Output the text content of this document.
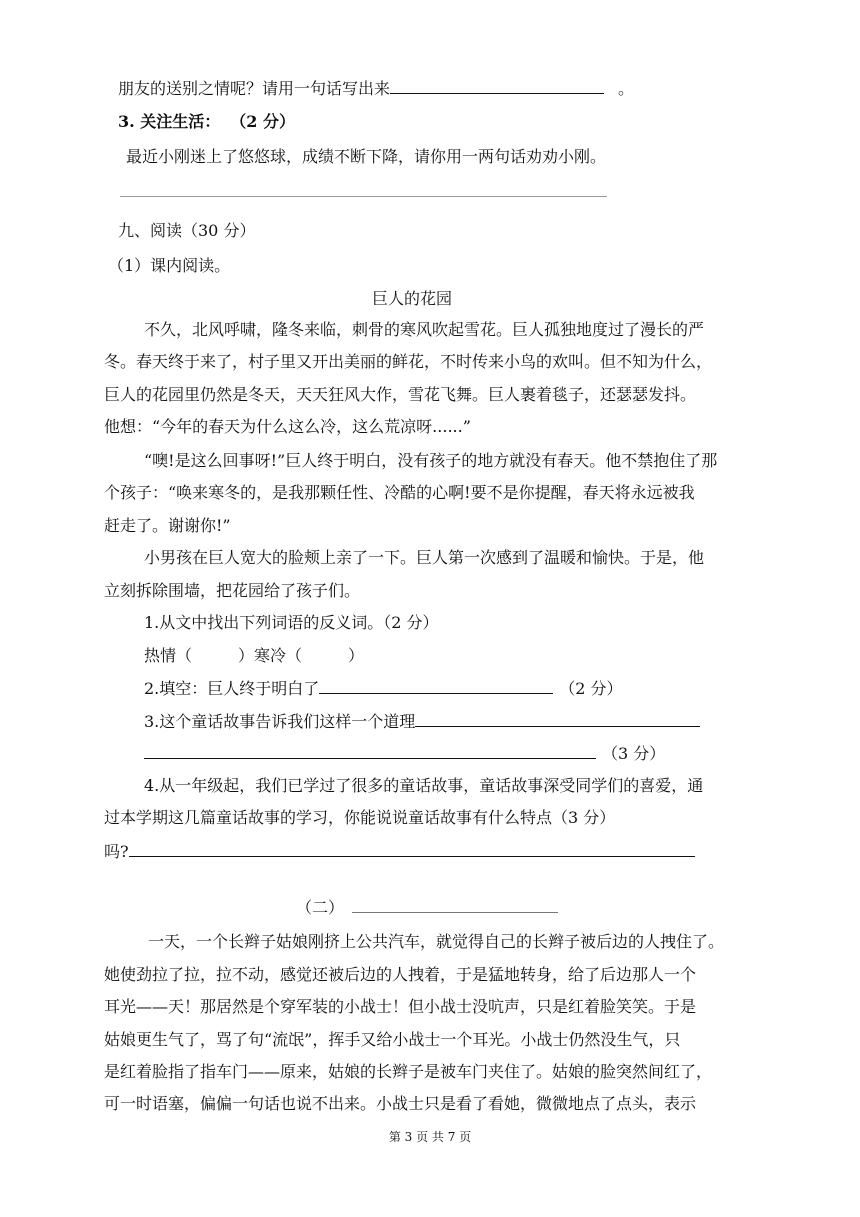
朋友的送别之情呢？请用一句话写出来	。
3. 关注生活： （2 分）
最近小刚迷上了悠悠球，成绩不断下降，请你用一两句话劝劝小刚。
九、阅读（30 分）
（1）课内阅读。
巨人的花园
不久，北风呼啸，隆冬来临，刺骨的寒风吹起雪花。巨人孤独地度过了漫长的严
冬。春天终于来了，村子里又开出美丽的鲜花，不时传来小鸟的欢叫。但不知为什么，
巨人的花园里仍然是冬天，天天狂风大作，雪花飞舞。巨人裹着毯子，还瑟瑟发抖。
他想：“今年的春天为什么这么冷，这么荒凉呀......”
“噢!是这么回事呀!”巨人终于明白，没有孩子的地方就没有春天。他不禁抱住了那
个孩子：“唤来寒冬的，是我那颗任性、冷酷的心啊!要不是你提醒，春天将永远被我
赶走了。谢谢你!”
小男孩在巨人宽大的脸颊上亲了一下。巨人第一次感到了温暖和愉快。于是，他
立刻拆除围墙，把花园给了孩子们。
1.从文中找出下列词语的反义词。（2 分）
热情（	）寒冷（	）
2.填空：巨人终于明白了	（2 分）
3.这个童话故事告诉我们这样一个道理
（3 分）
4.从一年级起，我们已学过了很多的童话故事，童话故事深受同学们的喜爱，通
过本学期这几篇童话故事的学习，你能说说童话故事有什么特点（3 分）
吗?
（二）
一天，一个长辫子姑娘刚挤上公共汽车，就觉得自己的长辫子被后边的人拽住了。
她使劲拉了拉，拉不动，感觉还被后边的人拽着，于是猛地转身，给了后边那人一个
耳光——天！那居然是个穿军装的小战士！但小战士没吭声，只是红着脸笑笑。于是
姑娘更生气了，骂了句“流氓”，挥手又给小战士一个耳光。小战士仍然没生气，只
是红着脸指了指车门——原来，姑娘的长辫子是被车门夹住了。姑娘的脸突然间红了，
可一时语塞，偏偏一句话也说不出来。小战士只是看了看她，微微地点了点头，表示
第 3 页 共 7 页
